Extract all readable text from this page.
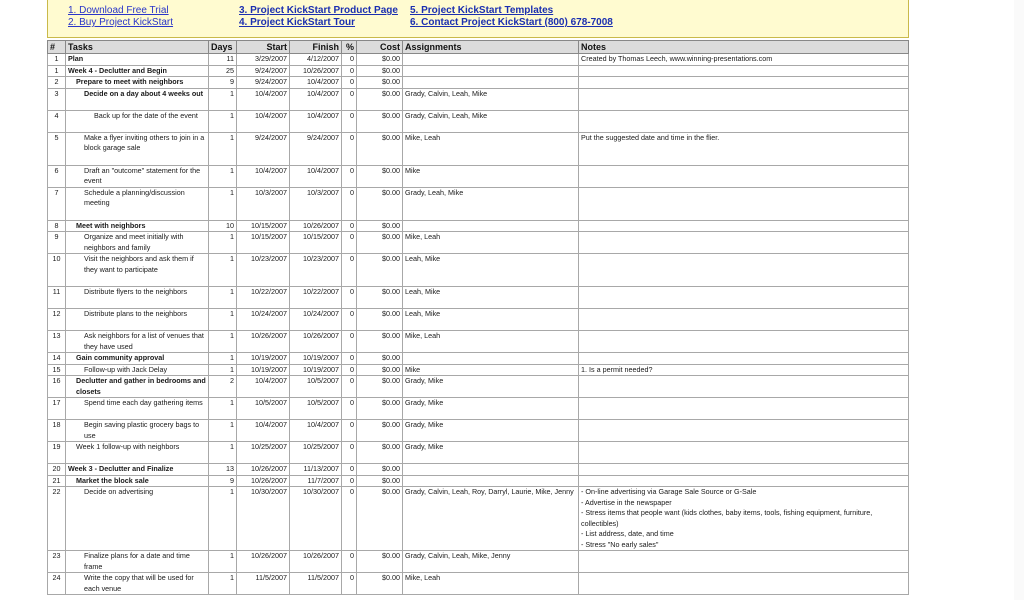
1. Download Free Trial
2. Buy Project KickStart
3. Project KickStart Product Page
4. Project KickStart Tour
5. Project KickStart Templates
6. Contact Project KickStart (800) 678-7008
#	Tasks	Days	Start	Finish	%	Cost	Assignments	Notes
1	Plan	11	3/29/2007	4/12/2007	0	$0.00		Created by Thomas Leech, www.winning-presentations.com
1	Week 4 - Declutter and Begin	25	9/24/2007	10/26/2007	0	$0.00		
2	Prepare to meet with neighbors	9	9/24/2007	10/4/2007	0	$0.00		
3	Decide on a day about 4 weeks out	1	10/4/2007	10/4/2007	0	$0.00	Grady, Calvin, Leah, Mike	
4	Back up for the date of the event	1	10/4/2007	10/4/2007	0	$0.00	Grady, Calvin, Leah, Mike	
5	Make a flyer inviting others to join in a block garage sale	1	9/24/2007	9/24/2007	0	$0.00	Mike, Leah	Put the suggested date and time in the flier.
6	Draft an "outcome" statement for the event	1	10/4/2007	10/4/2007	0	$0.00	Mike	
7	Schedule a planning/discussion meeting	1	10/3/2007	10/3/2007	0	$0.00	Grady, Leah, Mike	
8	Meet with neighbors	10	10/15/2007	10/26/2007	0	$0.00		
9	Organize and meet initially with neighbors and family	1	10/15/2007	10/15/2007	0	$0.00	Mike, Leah	
10	Visit the neighbors and ask them if they want to participate	1	10/23/2007	10/23/2007	0	$0.00	Leah, Mike	
11	Distribute flyers to the neighbors	1	10/22/2007	10/22/2007	0	$0.00	Leah, Mike	
12	Distribute plans to the neighbors	1	10/24/2007	10/24/2007	0	$0.00	Leah, Mike	
13	Ask neighbors for a list of venues that they have used	1	10/26/2007	10/26/2007	0	$0.00	Mike, Leah	
14	Gain community approval	1	10/19/2007	10/19/2007	0	$0.00		
15	Follow-up with Jack Delay	1	10/19/2007	10/19/2007	0	$0.00	Mike	1. Is a permit needed?
16	Declutter and gather in bedrooms and closets	2	10/4/2007	10/5/2007	0	$0.00	Grady, Mike	
17	Spend time each day gathering items	1	10/5/2007	10/5/2007	0	$0.00	Grady, Mike	
18	Begin saving plastic grocery bags to use	1	10/4/2007	10/4/2007	0	$0.00	Grady, Mike	
19	Week 1 follow-up with neighbors	1	10/25/2007	10/25/2007	0	$0.00	Grady, Mike	
20	Week 3 - Declutter and Finalize	13	10/26/2007	11/13/2007	0	$0.00		
21	Market the block sale	9	10/26/2007	11/7/2007	0	$0.00		
22	Decide on advertising	1	10/30/2007	10/30/2007	0	$0.00	Grady, Calvin, Leah, Roy, Darryl, Laurie, Mike, Jenny	- On-line advertising via Garage Sale Source or G-Sale
- Advertise in the newspaper
- Stress items that people want (kids clothes, baby items, tools, fishing equipment, furniture, collectibles)
- List address, date, and time
- Stress "No early sales"
23	Finalize plans for a date and time frame	1	10/26/2007	10/26/2007	0	$0.00	Grady, Calvin, Leah, Mike, Jenny	
24	Write the copy that will be used for each venue	1	11/5/2007	11/5/2007	0	$0.00	Mike, Leah	
